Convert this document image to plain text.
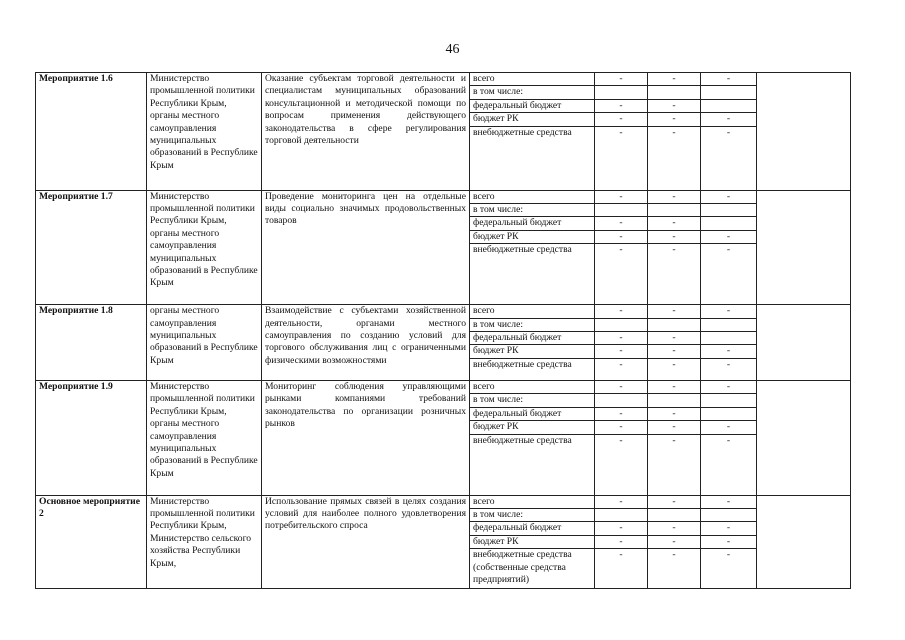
46
Мероприятие 1.6	Министерство промышленной политики Республики Крым, органы местного самоуправления муниципальных образований в Республике Крым	Оказание субъектам торговой деятельности и специалистам муниципальных образований консультационной и методической помощи по вопросам применения действующего законодательства в сфере регулирования торговой деятельности	всего	-	-	-	
			в том числе:				
			федеральный бюджет	-	-		
			бюджет РК	-	-	-	
			внебюджетные средства	-	-	-	
Мероприятие 1.7	Министерство промышленной политики Республики Крым, органы местного самоуправления муниципальных образований в Республике Крым	Проведение мониторинга цен на отдельные виды социально значимых продовольственных товаров	всего	-	-	-	
			в том числе:				
			федеральный бюджет	-	-		
			бюджет РК	-	-	-	
			внебюджетные средства	-	-	-	
Мероприятие 1.8	органы местного самоуправления муниципальных образований в Республике Крым	Взаимодействие с субъектами хозяйственной деятельности, органами местного самоуправления по созданию условий для торгового обслуживания лиц с ограниченными физическими возможностями	всего	-	-	-	
			в том числе:				
			федеральный бюджет	-	-		
			бюджет РК	-	-	-	
			внебюджетные средства	-	-	-	
Мероприятие 1.9	Министерство промышленной политики Республики Крым, органы местного самоуправления муниципальных образований в Республике Крым	Мониторинг соблюдения управляющими рынками компаниями требований законодательства по организации розничных рынков	всего	-	-	-	
			в том числе:				
			федеральный бюджет	-	-		
			бюджет РК	-	-	-	
			внебюджетные средства	-	-	-	
Основное мероприятие 2	Министерство промышленной политики Республики Крым, Министерство сельского хозяйства Республики Крым,	Использование прямых связей в целях создания условий для наиболее полного удовлетворения потребительского спроса	всего	-	-	-	
			в том числе:				
			федеральный бюджет	-	-	-	
			бюджет РК	-	-	-	
			внебюджетные средства (собственные средства предприятий)	-	-	-	
